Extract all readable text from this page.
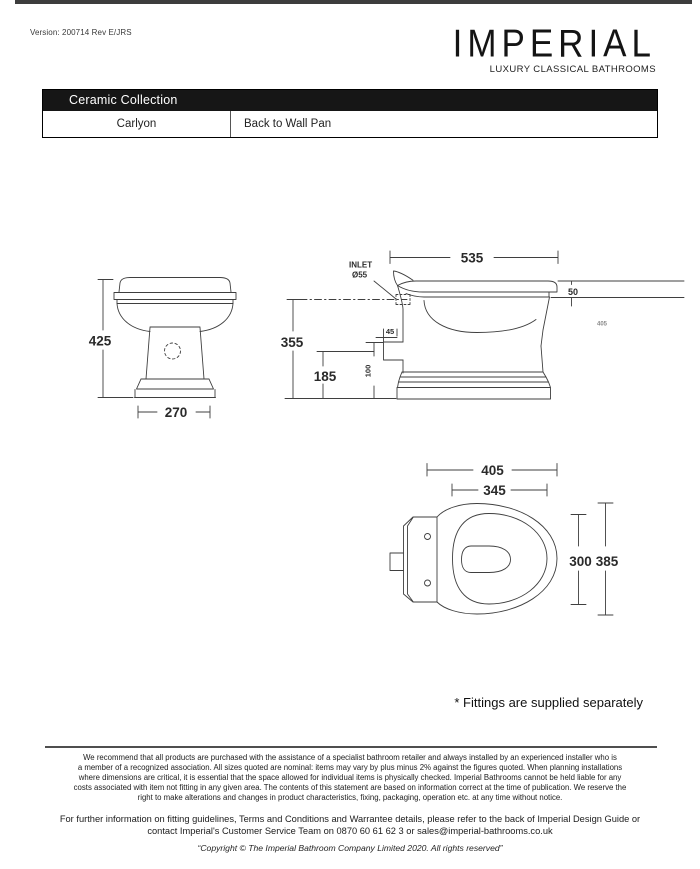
Version: 200714 Rev E/JRS	IMPERIAL
LUXURY CLASSICAL BATHROOMS
Ceramic Collection
Carlyon	Back to Wall Pan
425
270
535
INLET
Ø55
355
185
45
100
50
405
405
345
300 385
* Fittings are supplied separately
We recommend that all products are purchased with the assistance of a specialist bathroom retailer and always installed by an experienced installer who is
a member of a recognized association. All sizes quoted are nominal: items may vary by plus minus 2% against the figures quoted. When planning installations
where dimensions are critical, it is essential that the space allowed for individual items is physically checked. Imperial Bathrooms cannot be held liable for any
costs associated with item not fitting in any given area. The contents of this statement are based on information correct at the time of publication. We reserve the
right to make alterations and changes in product characteristics, fixing, packaging, operation etc. at any time without notice.
For further information on fitting guidelines, Terms and Conditions and Warrantee details, please refer to the back of Imperial Design Guide or
contact Imperial's Customer Service Team on 0870 60 61 62 3 or sales@imperial-bathrooms.co.uk
“Copyright © The Imperial Bathroom Company Limited 2020. All rights reserved”
